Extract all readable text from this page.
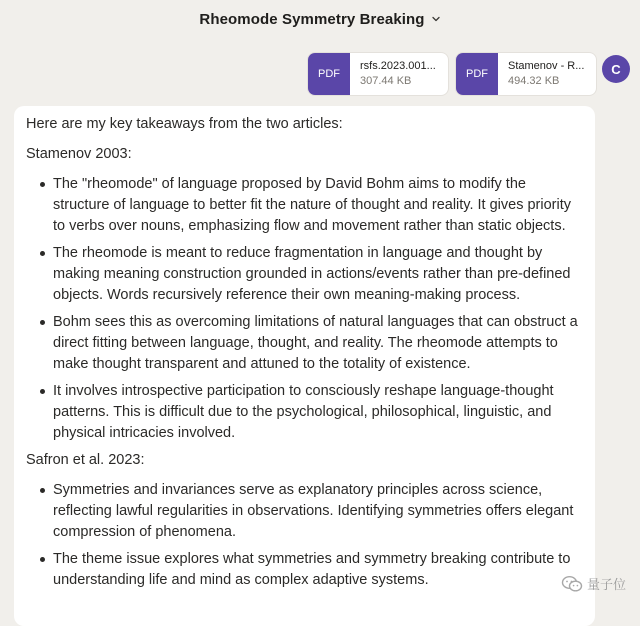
Rheomode Symmetry Breaking
PDF
rsfs.2023.001...
307.44 KB
PDF
Stamenov - R...
494.32 KB
C

Here are my key takeaways from the two articles:

Stamenov 2003:

The "rheomode" of language proposed by David Bohm aims to modify the structure of language to better fit the nature of thought and reality. It gives priority to verbs over nouns, emphasizing flow and movement rather than static objects.
The rheomode is meant to reduce fragmentation in language and thought by making meaning construction grounded in actions/events rather than pre-defined objects. Words recursively reference their own meaning-making process.
Bohm sees this as overcoming limitations of natural languages that can obstruct a direct fitting between language, thought, and reality. The rheomode attempts to make thought transparent and attuned to the totality of existence.
It involves introspective participation to consciously reshape language-thought patterns. This is difficult due to the psychological, philosophical, linguistic, and physical intricacies involved.

Safron et al. 2023:

Symmetries and invariances serve as explanatory principles across science, reflecting lawful regularities in observations. Identifying symmetries offers elegant compression of phenomena.
The theme issue explores what symmetries and symmetry breaking contribute to understanding life and mind as complex adaptive systems.	量子位
